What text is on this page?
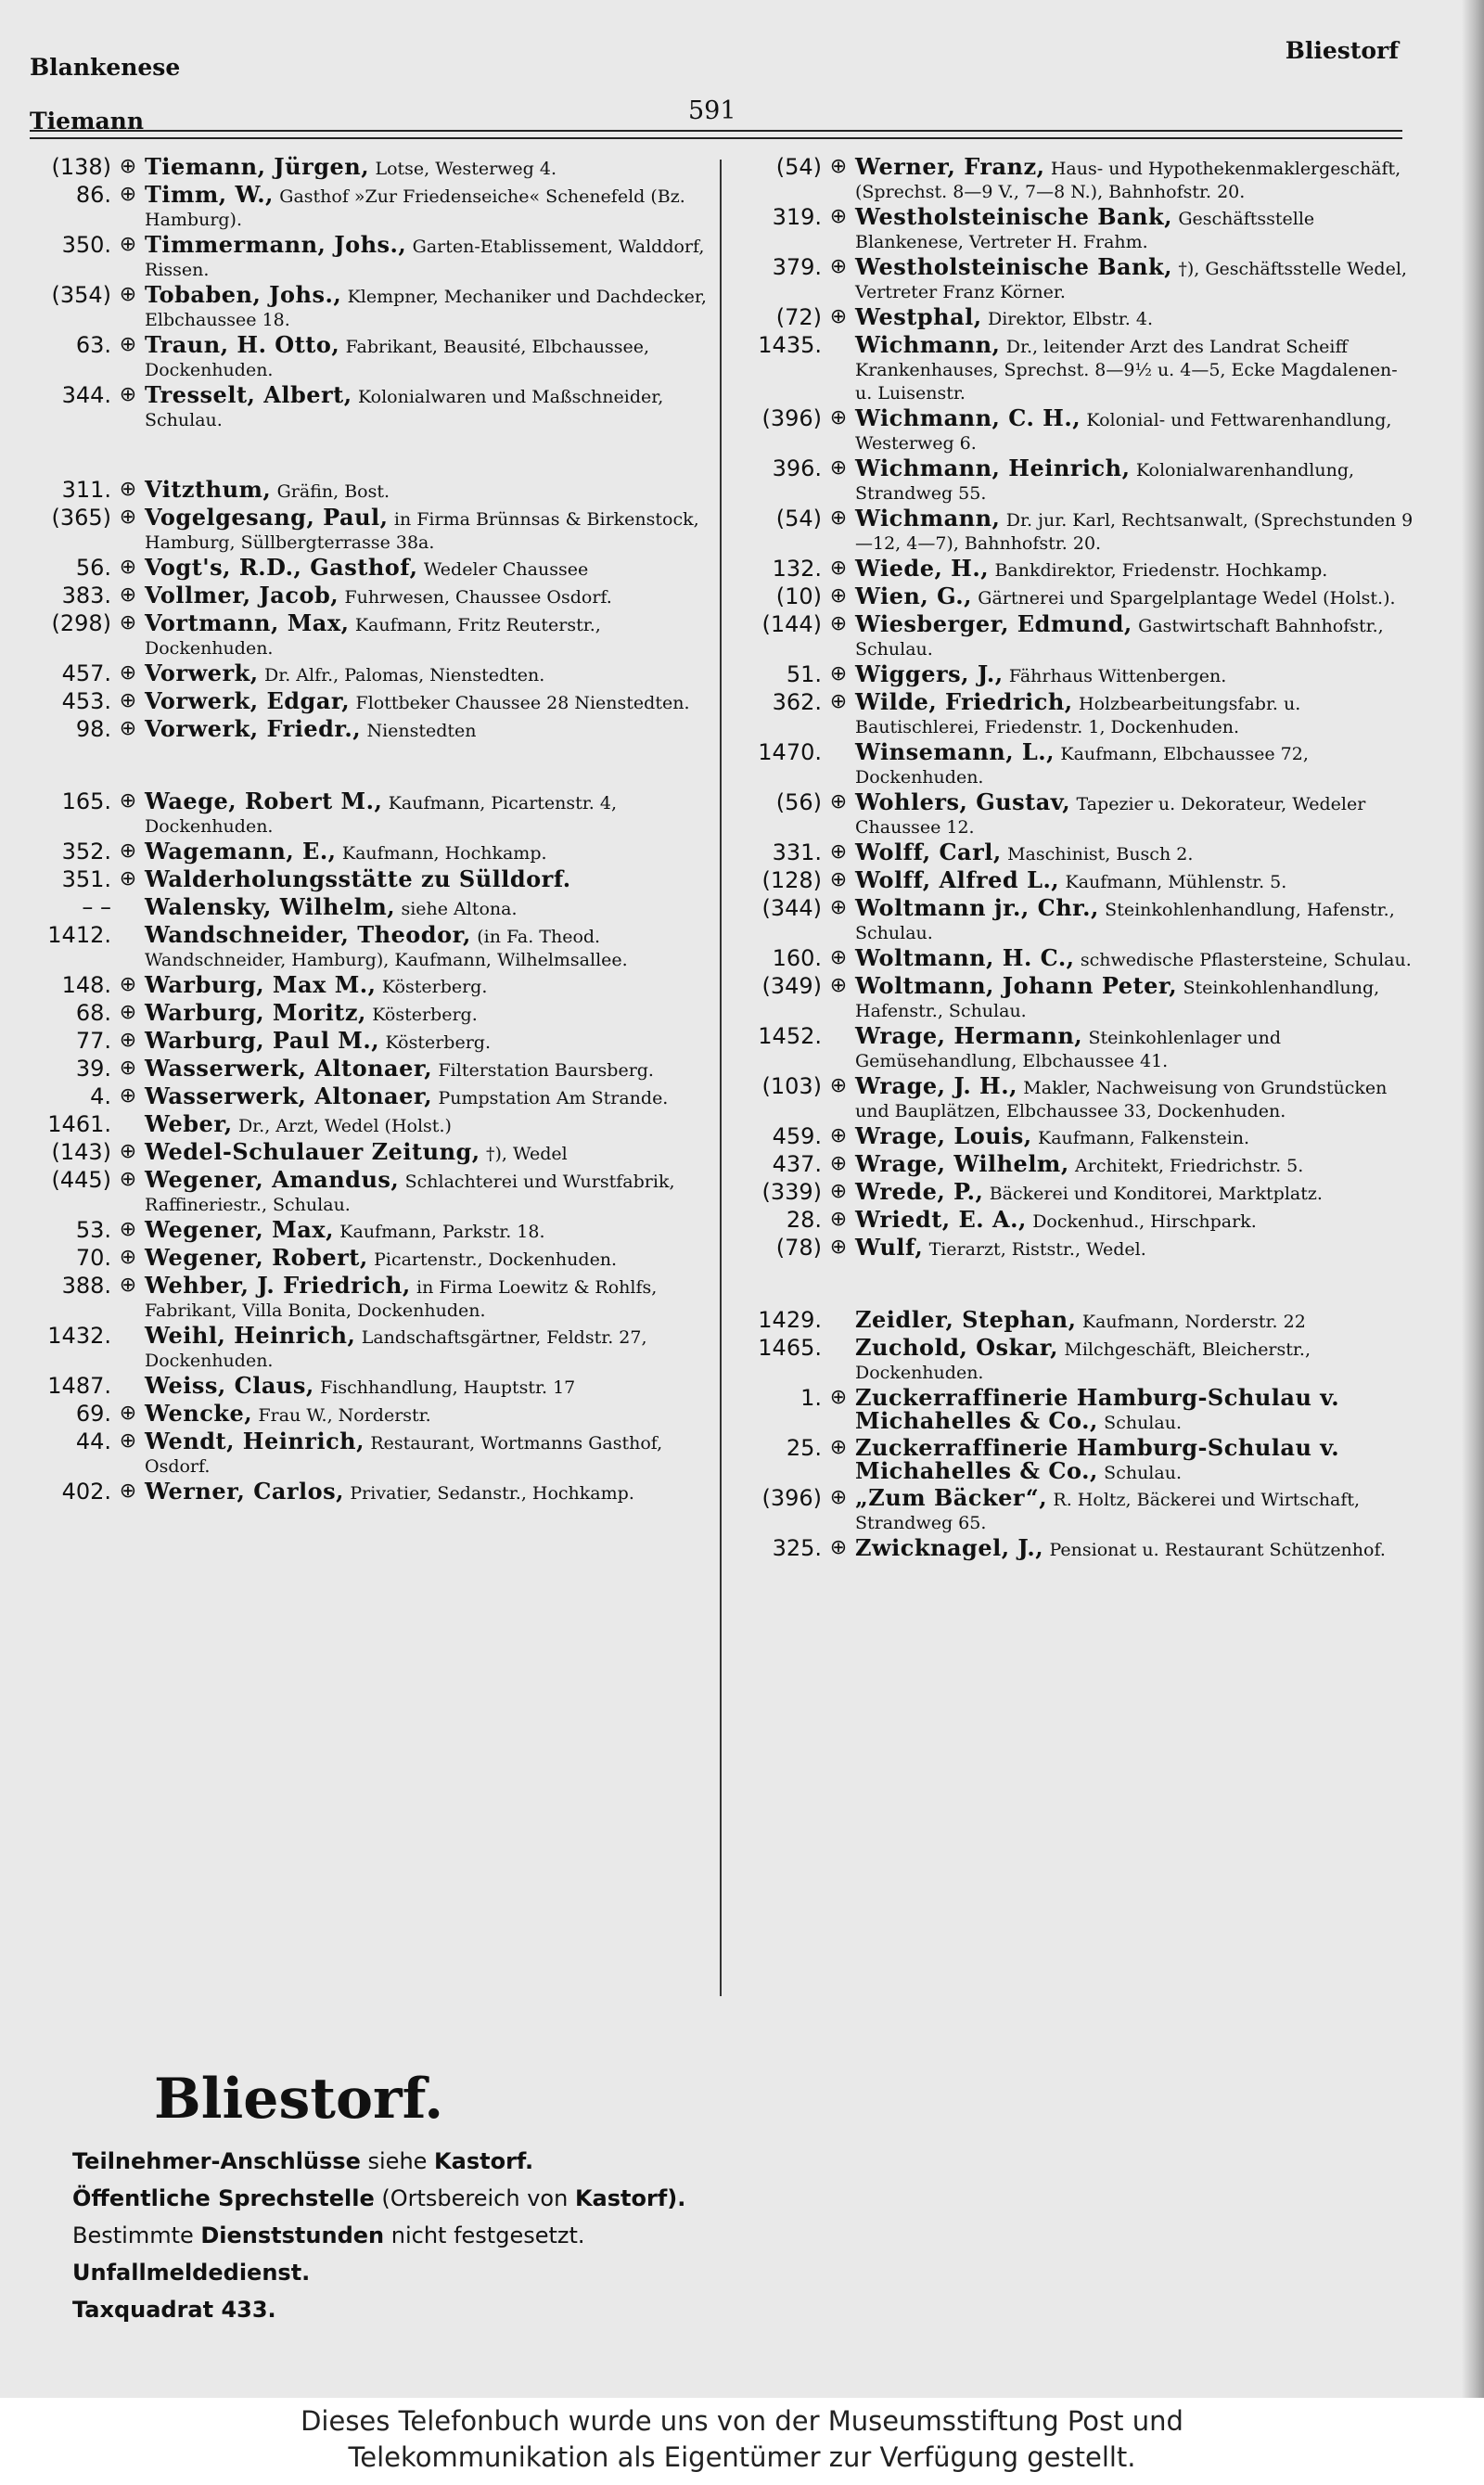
Blankenese
Tiemann	591
Bliestorf
(138) ⊕ Tiemann, Jürgen, Lotse, Westerweg 4.
86. ⊕ Timm, W., Gasthof »Zur Friedenseiche« Schenefeld (Bz. Hamburg).
350. ⊕ Timmermann, Johs., Garten-Etablissement, Walddorf, Rissen.
(354) ⊕ Tobaben, Johs., Klempner, Mechaniker und Dachdecker, Elbchaussee 18.
63. ⊕ Traun, H. Otto, Fabrikant, Beausité, Elbchaussee, Dockenhuden.
344. ⊕ Tresselt, Albert, Kolonialwaren und Maßschneider, Schulau.
311. ⊕ Vitzthum, Gräfin, Bost.
(365) ⊕ Vogelgesang, Paul, in Firma Brünnsas & Birkenstock, Hamburg, Süllbergterrasse 38a.
56. ⊕ Vogt's, R.D., Gasthof, Wedeler Chaussee
383. ⊕ Vollmer, Jacob, Fuhrwesen, Chaussee Osdorf.
(298) ⊕ Vortmann, Max, Kaufmann, Fritz Reuterstr., Dockenhuden.
457. ⊕ Vorwerk, Dr. Alfr., Palomas, Nienstedten.
453. ⊕ Vorwerk, Edgar, Flottbeker Chaussee 28 Nienstedten.
98. ⊕ Vorwerk, Friedr., Nienstedten
165. ⊕ Waege, Robert M., Kaufmann, Picartenstr. 4, Dockenhuden.
352. ⊕ Wagemann, E., Kaufmann, Hochkamp.
351. ⊕ Walderholungsstätte zu Sülldorf.
– – Walensky, Wilhelm, siehe Altona.
1412. Wandschneider, Theodor, (in Fa. Theod. Wandschneider, Hamburg), Kaufmann, Wilhelmsallee.
148. ⊕ Warburg, Max M., Kösterberg.
68. ⊕ Warburg, Moritz, Kösterberg.
77. ⊕ Warburg, Paul M., Kösterberg.
39. ⊕ Wasserwerk, Altonaer, Filterstation Baursberg.
4. ⊕ Wasserwerk, Altonaer, Pumpstation Am Strande.
1461. Weber, Dr., Arzt, Wedel (Holst.)
(143) ⊕ Wedel-Schulauer Zeitung, †), Wedel
(445) ⊕ Wegener, Amandus, Schlachterei und Wurstfabrik, Raffineriestr., Schulau.
53. ⊕ Wegener, Max, Kaufmann, Parkstr. 18.
70. ⊕ Wegener, Robert, Picartenstr., Dockenhuden.
388. ⊕ Wehber, J. Friedrich, in Firma Loewitz & Rohlfs, Fabrikant, Villa Bonita, Dockenhuden.
1432. Weihl, Heinrich, Landschaftsgärtner, Feldstr. 27, Dockenhuden.
1487. Weiss, Claus, Fischhandlung, Hauptstr. 17
69. ⊕ Wencke, Frau W., Norderstr.
44. ⊕ Wendt, Heinrich, Restaurant, Wortmanns Gasthof, Osdorf.
402. ⊕ Werner, Carlos, Privatier, Sedanstr., Hochkamp.
(54) ⊕ Werner, Franz, Haus- und Hypothekenmaklergeschäft, (Sprechst. 8—9 V., 7—8 N.), Bahnhofstr. 20.
319. ⊕ Westholsteinische Bank, Geschäftsstelle Blankenese, Vertreter H. Frahm.
379. ⊕ Westholsteinische Bank, †), Geschäftsstelle Wedel, Vertreter Franz Körner.
(72) ⊕ Westphal, Direktor, Elbstr. 4.
1435. Wichmann, Dr., leitender Arzt des Landrat Scheiff Krankenhauses, Sprechst. 8—9½ u. 4—5, Ecke Magdalenen- u. Luisenstr.
(396) ⊕ Wichmann, C. H., Kolonial- und Fettwarenhandlung, Westerweg 6.
396. ⊕ Wichmann, Heinrich, Kolonialwarenhandlung, Strandweg 55.
(54) ⊕ Wichmann, Dr. jur. Karl, Rechtsanwalt, (Sprechstunden 9—12, 4—7), Bahnhofstr. 20.
132. ⊕ Wiede, H., Bankdirektor, Friedenstr. Hochkamp.
(10) ⊕ Wien, G., Gärtnerei und Spargelplantage Wedel (Holst.).
(144) ⊕ Wiesberger, Edmund, Gastwirtschaft Bahnhofstr., Schulau.
51. ⊕ Wiggers, J., Fährhaus Wittenbergen.
362. ⊕ Wilde, Friedrich, Holzbearbeitungsfabr. u. Bautischlerei, Friedenstr. 1, Dockenhuden.
1470. Winsemann, L., Kaufmann, Elbchaussee 72, Dockenhuden.
(56) ⊕ Wohlers, Gustav, Tapezier u. Dekorateur, Wedeler Chaussee 12.
331. ⊕ Wolff, Carl, Maschinist, Busch 2.
(128) ⊕ Wolff, Alfred L., Kaufmann, Mühlenstr. 5.
(344) ⊕ Woltmann jr., Chr., Steinkohlenhandlung, Hafenstr., Schulau.
160. ⊕ Woltmann, H. C., schwedische Pflastersteine, Schulau.
(349) ⊕ Woltmann, Johann Peter, Steinkohlenhandlung, Hafenstr., Schulau.
1452. Wrage, Hermann, Steinkohlenlager und Gemüsehandlung, Elbchaussee 41.
(103) ⊕ Wrage, J. H., Makler, Nachweisung von Grundstücken und Bauplätzen, Elbchaussee 33, Dockenhuden.
459. ⊕ Wrage, Louis, Kaufmann, Falkenstein.
437. ⊕ Wrage, Wilhelm, Architekt, Friedrichstr. 5.
(339) ⊕ Wrede, P., Bäckerei und Konditorei, Marktplatz.
28. ⊕ Wriedt, E. A., Dockenhud., Hirschpark.
(78) ⊕ Wulf, Tierarzt, Riststr., Wedel.
1429. Zeidler, Stephan, Kaufmann, Norderstr. 22
1465. Zuchold, Oskar, Milchgeschäft, Bleicherstr., Dockenhuden.
1. ⊕ Zuckerraffinerie Hamburg-Schulau v. Michahelles & Co., Schulau.
25. ⊕ Zuckerraffinerie Hamburg-Schulau v. Michahelles & Co., Schulau.
(396) ⊕ „Zum Bäcker“, R. Holtz, Bäckerei und Wirtschaft, Strandweg 65.
325. ⊕ Zwicknagel, J., Pensionat u. Restaurant Schützenhof.
Bliestorf.
Teilnehmer-Anschlüsse siehe Kastorf.
Öffentliche Sprechstelle (Ortsbereich von Kastorf).
Bestimmte Dienststunden nicht festgesetzt.
Unfallmeldedienst.
Taxquadrat 433.
Dieses Telefonbuch wurde uns von der Museumsstiftung Post und
Telekommunikation als Eigentümer zur Verfügung gestellt.
